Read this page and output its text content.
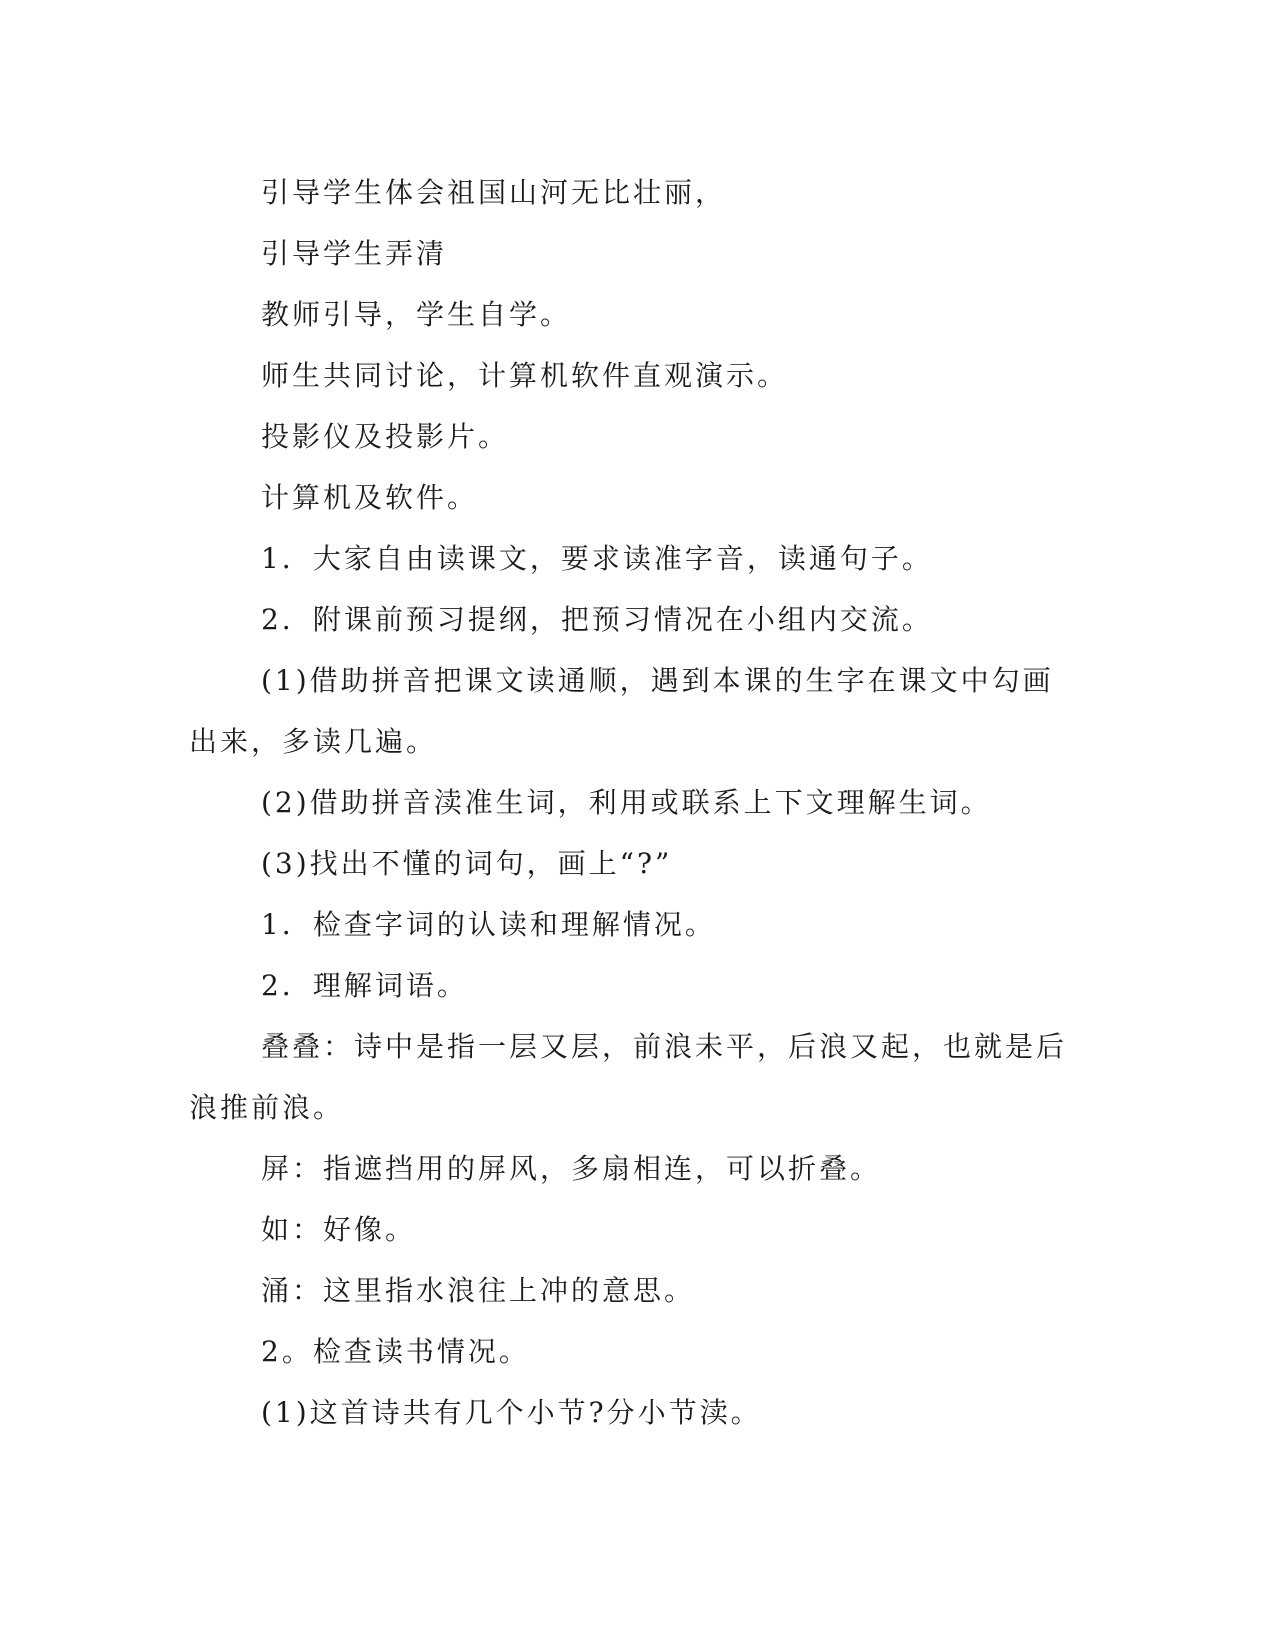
引导学生体会祖国山河无比壮丽，

引导学生弄清

教师引导，学生自学。

师生共同讨论，计算机软件直观演示。

投影仪及投影片。

计算机及软件。

1．大家自由读课文，要求读准字音，读通句子。

2．附课前预习提纲，把预习情况在小组内交流。

(1)借助拼音把课文读通顺，遇到本课的生字在课文中勾画出来，多读几遍。

(2)借助拼音渎准生词，利用或联系上下文理解生词。

(3)找出不懂的词句，画上“?”

1．检查字词的认读和理解情况。

2．理解词语。

叠叠：诗中是指一层又层，前浪未平，后浪又起，也就是后浪推前浪。

屏：指遮挡用的屏风，多扇相连，可以折叠。

如：好像。

涌：这里指水浪往上冲的意思。

2。检查读书情况。

(1)这首诗共有几个小节?分小节渎。
